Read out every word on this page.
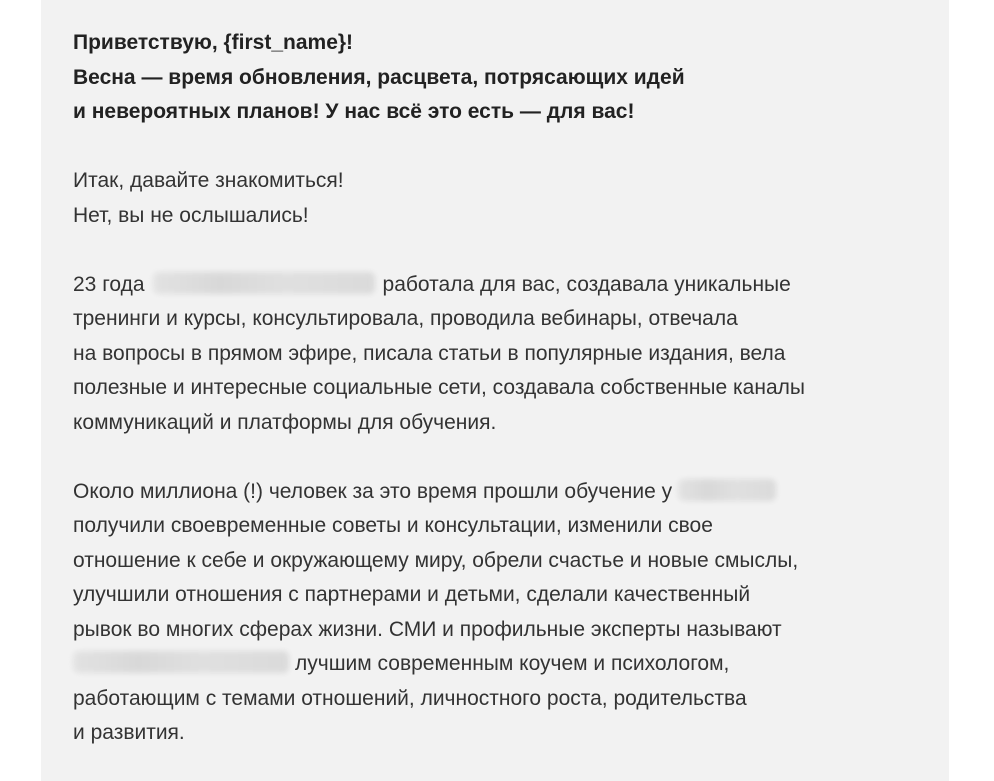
Приветствую, {first_name}!
Весна — время обновления, расцвета, потрясающих идей
и невероятных планов! У нас всё это есть — для вас!
Итак, давайте знакомиться!
Нет, вы не ослышались!
23 года	работала для вас, создавала уникальные
тренинги и курсы, консультировала, проводила вебинары, отвечала
на вопросы в прямом эфире, писала статьи в популярные издания, вела
полезные и интересные социальные сети, создавала собственные каналы
коммуникаций и платформы для обучения.
Около миллиона (!) человек за это время прошли обучение у
получили своевременные советы и консультации, изменили свое
отношение к себе и окружающему миру, обрели счастье и новые смыслы,
улучшили отношения с партнерами и детьми, сделали качественный
рывок во многих сферах жизни. СМИ и профильные эксперты называют
лучшим современным коучем и психологом,
работающим с темами отношений, личностного роста, родительства
и развития.
